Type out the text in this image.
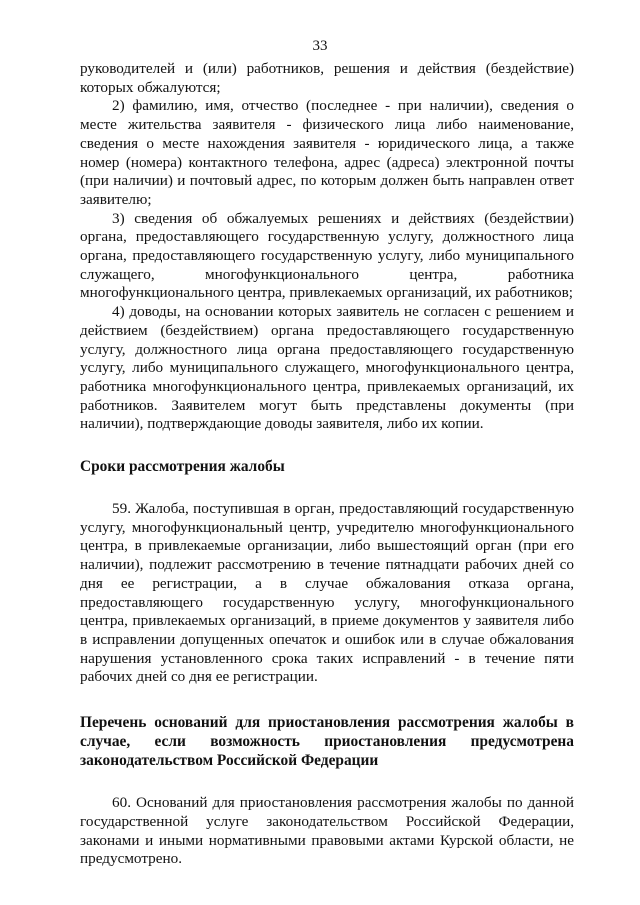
33

руководителей и (или) работников, решения и действия (бездействие) которых обжалуются;

2) фамилию, имя, отчество (последнее - при наличии), сведения о месте жительства заявителя - физического лица либо наименование, сведения о месте нахождения заявителя - юридического лица, а также номер (номера) контактного телефона, адрес (адреса) электронной почты (при наличии) и почтовый адрес, по которым должен быть направлен ответ заявителю;

3) сведения об обжалуемых решениях и действиях (бездействии) органа, предоставляющего государственную услугу, должностного лица органа, предоставляющего государственную услугу, либо муниципального служащего, многофункционального центра, работника многофункционального центра, привлекаемых организаций, их работников;

4) доводы, на основании которых заявитель не согласен с решением и действием (бездействием) органа предоставляющего государственную услугу, должностного лица органа предоставляющего государственную услугу, либо муниципального служащего, многофункционального центра, работника многофункционального центра, привлекаемых организаций, их работников. Заявителем могут быть представлены документы (при наличии), подтверждающие доводы заявителя, либо их копии.

Сроки рассмотрения жалобы

59. Жалоба, поступившая в орган, предоставляющий государственную услугу, многофункциональный центр, учредителю многофункционального центра, в привлекаемые организации, либо вышестоящий орган (при его наличии), подлежит рассмотрению в течение пятнадцати рабочих дней со дня ее регистрации, а в случае обжалования отказа органа, предоставляющего государственную услугу, многофункционального центра, привлекаемых организаций, в приеме документов у заявителя либо в исправлении допущенных опечаток и ошибок или в случае обжалования нарушения установленного срока таких исправлений - в течение пяти рабочих дней со дня ее регистрации.

Перечень оснований для приостановления рассмотрения жалобы в случае, если возможность приостановления предусмотрена законодательством Российской Федерации

60. Оснований для приостановления рассмотрения жалобы по данной государственной услуге законодательством Российской Федерации, законами и иными нормативными правовыми актами Курской области, не предусмотрено.
